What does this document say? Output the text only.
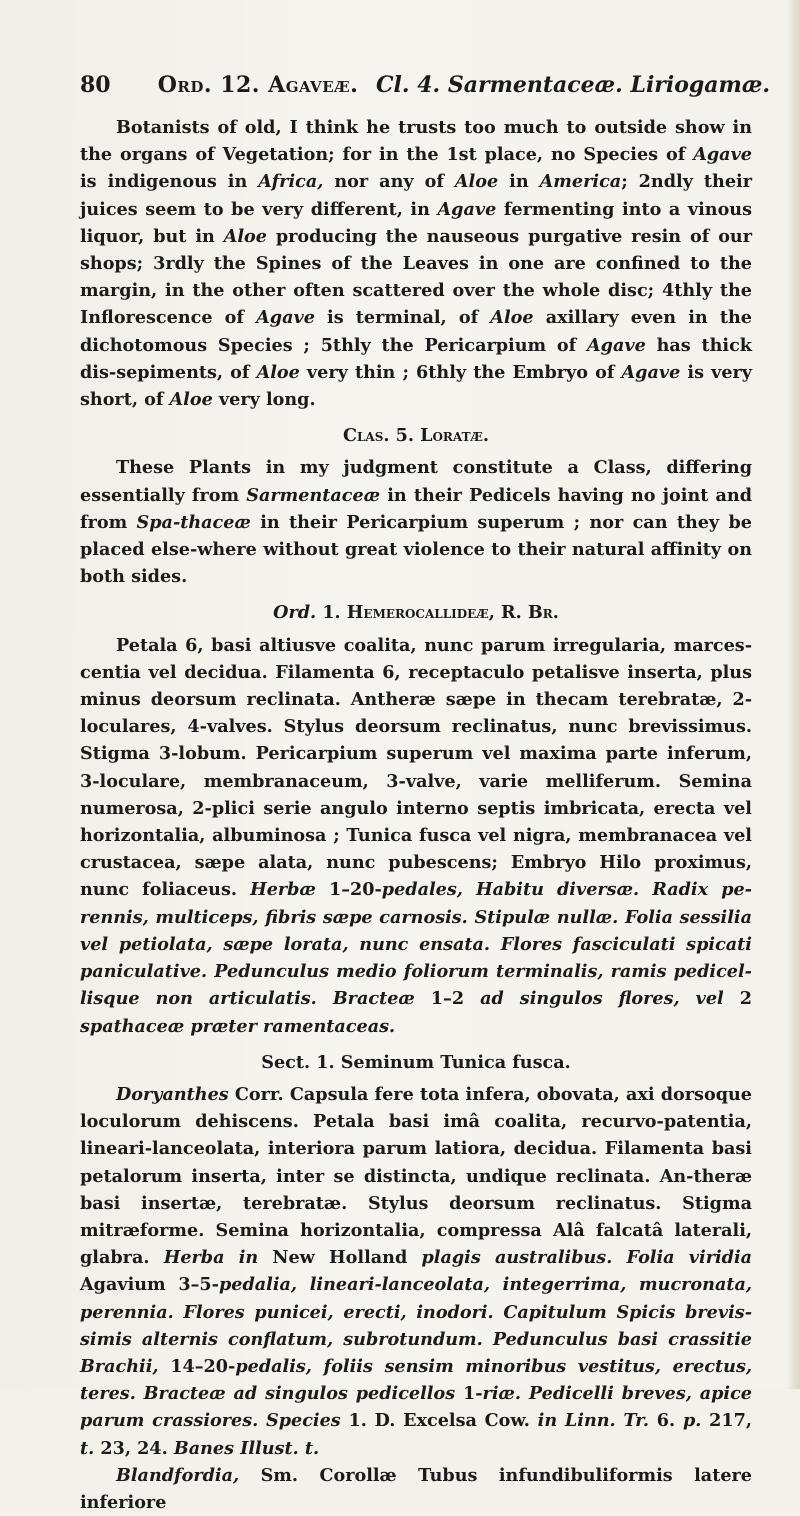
80	Ord. 12. Agaveæ. Cl. 4. Sarmentaceæ. Liriogamæ.

Botanists of old, I think he trusts too much to outside show in the organs of Vegetation; for in the 1st place, no Species of Agave is indigenous in Africa, nor any of Aloe in America; 2ndly their juices seem to be very different, in Agave fermenting into a vinous liquor, but in Aloe producing the nauseous purgative resin of our shops; 3rdly the Spines of the Leaves in one are confined to the margin, in the other often scattered over the whole disc; 4thly the Inflorescence of Agave is terminal, of Aloe axillary even in the dichotomous Species ; 5thly the Pericarpium of Agave has thick dis-sepiments, of Aloe very thin ; 6thly the Embryo of Agave is very short, of Aloe very long.

Clas. 5. Loratæ.

These Plants in my judgment constitute a Class, differing essentially from Sarmentaceæ in their Pedicels having no joint and from Spa-thaceæ in their Pericarpium superum ; nor can they be placed else-where without great violence to their natural affinity on both sides.

Ord. 1. Hemerocallideæ, R. Br.

Petala 6, basi altiusve coalita, nunc parum irregularia, marces-centia vel decidua. Filamenta 6, receptaculo petalisve inserta, plus minus deorsum reclinata. Antheræ sæpe in thecam terebratæ, 2-loculares, 4-valves. Stylus deorsum reclinatus, nunc brevissimus. Stigma 3-lobum. Pericarpium superum vel maxima parte inferum, 3-loculare, membranaceum, 3-valve, varie melliferum. Semina numerosa, 2-plici serie angulo interno septis imbricata, erecta vel horizontalia, albuminosa ; Tunica fusca vel nigra, membranacea vel crustacea, sæpe alata, nunc pubescens; Embryo Hilo proximus, nunc foliaceus. Herbæ 1–20-pedales, Habitu diversæ. Radix pe-rennis, multiceps, fibris sæpe carnosis. Stipulæ nullæ. Folia sessilia vel petiolata, sæpe lorata, nunc ensata. Flores fasciculati spicati paniculative. Pedunculus medio foliorum terminalis, ramis pedicel-lisque non articulatis. Bracteæ 1–2 ad singulos flores, vel 2 spathaceæ præter ramentaceas.

Sect. 1. Seminum Tunica fusca.

Doryanthes Corr. Capsula fere tota infera, obovata, axi dorsoque loculorum dehiscens. Petala basi imâ coalita, recurvo-patentia, lineari-lanceolata, interiora parum latiora, decidua. Filamenta basi petalorum inserta, inter se distincta, undique reclinata. An-theræ basi insertæ, terebratæ. Stylus deorsum reclinatus. Stigma mitræforme. Semina horizontalia, compressa Alâ falcatâ laterali, glabra. Herba in New Holland plagis australibus. Folia viridia Agavium 3–5-pedalia, lineari-lanceolata, integerrima, mucronata, perennia. Flores punicei, erecti, inodori. Capitulum Spicis brevis-simis alternis conflatum, subrotundum. Pedunculus basi crassitie Brachii, 14–20-pedalis, foliis sensim minoribus vestitus, erectus, teres. Bracteæ ad singulos pedicellos 1-riæ. Pedicelli breves, apice parum crassiores. Species 1. D. Excelsa Cow. in Linn. Tr. 6. p. 217, t. 23, 24. Banes Illust. t.

Blandfordia, Sm. Corollæ Tubus infundibuliformis latere inferiore
